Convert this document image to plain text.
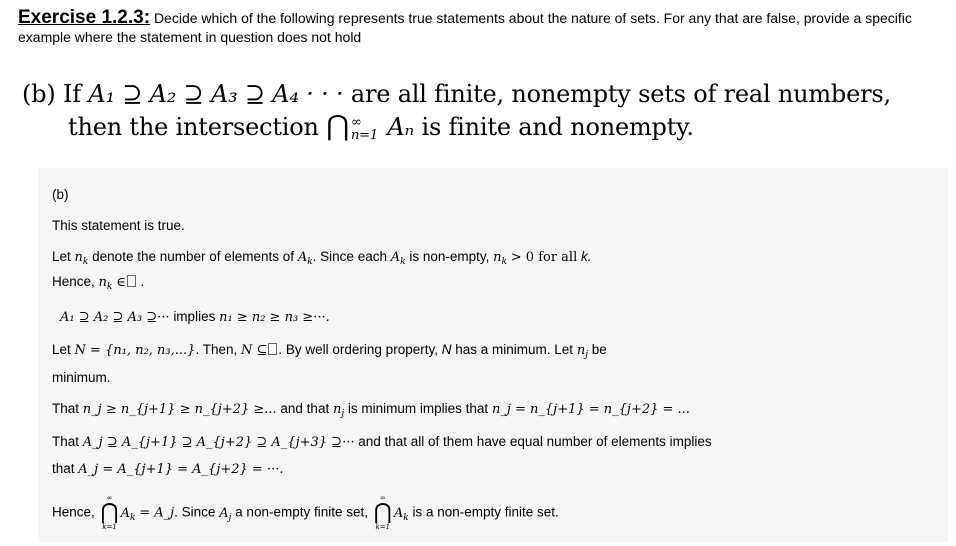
Exercise 1.2.3: Decide which of the following represents true statements about the nature of sets. For any that are false, provide a specific example where the statement in question does not hold
(b) If A₁ ⊇ A₂ ⊇ A₃ ⊇ A₄ · · · are all finite, nonempty sets of real numbers,
then the intersection ⋂ ∞
n=1 Aₙ is finite and nonempty.
(b)
This statement is true.
Let $n_k$ denote the number of elements of $A_k$. Since each $A_k$ is non-empty, $n_k > 0$ for all k.
Hence, $n_k$ ∈ .
A₁ ⊇ A₂ ⊇ A₃ ⊇··· implies n₁ ≥ n₂ ≥ n₃ ≥···.
Let N = {n₁, n₂, n₃,...}. Then, N ⊆ . By well ordering property, N has a minimum. Let $n_j$ be
minimum.
That n_j ≥ n_{j+1} ≥ n_{j+2} ≥... and that $n_j$ is minimum implies that n_j = n_{j+1} = n_{j+2} = ...
That A_j ⊇ A_{j+1} ⊇ A_{j+2} ⊇ A_{j+3} ⊇··· and that all of them have equal number of elements implies
that A_j = A_{j+1} = A_{j+2} = ···.
Hence,
∞
⋂
k=1
$A_k$ = A_j. Since $A_j$ a non-empty finite set,
∞
⋂
k=1
$A_k$ is a non-empty finite set.
